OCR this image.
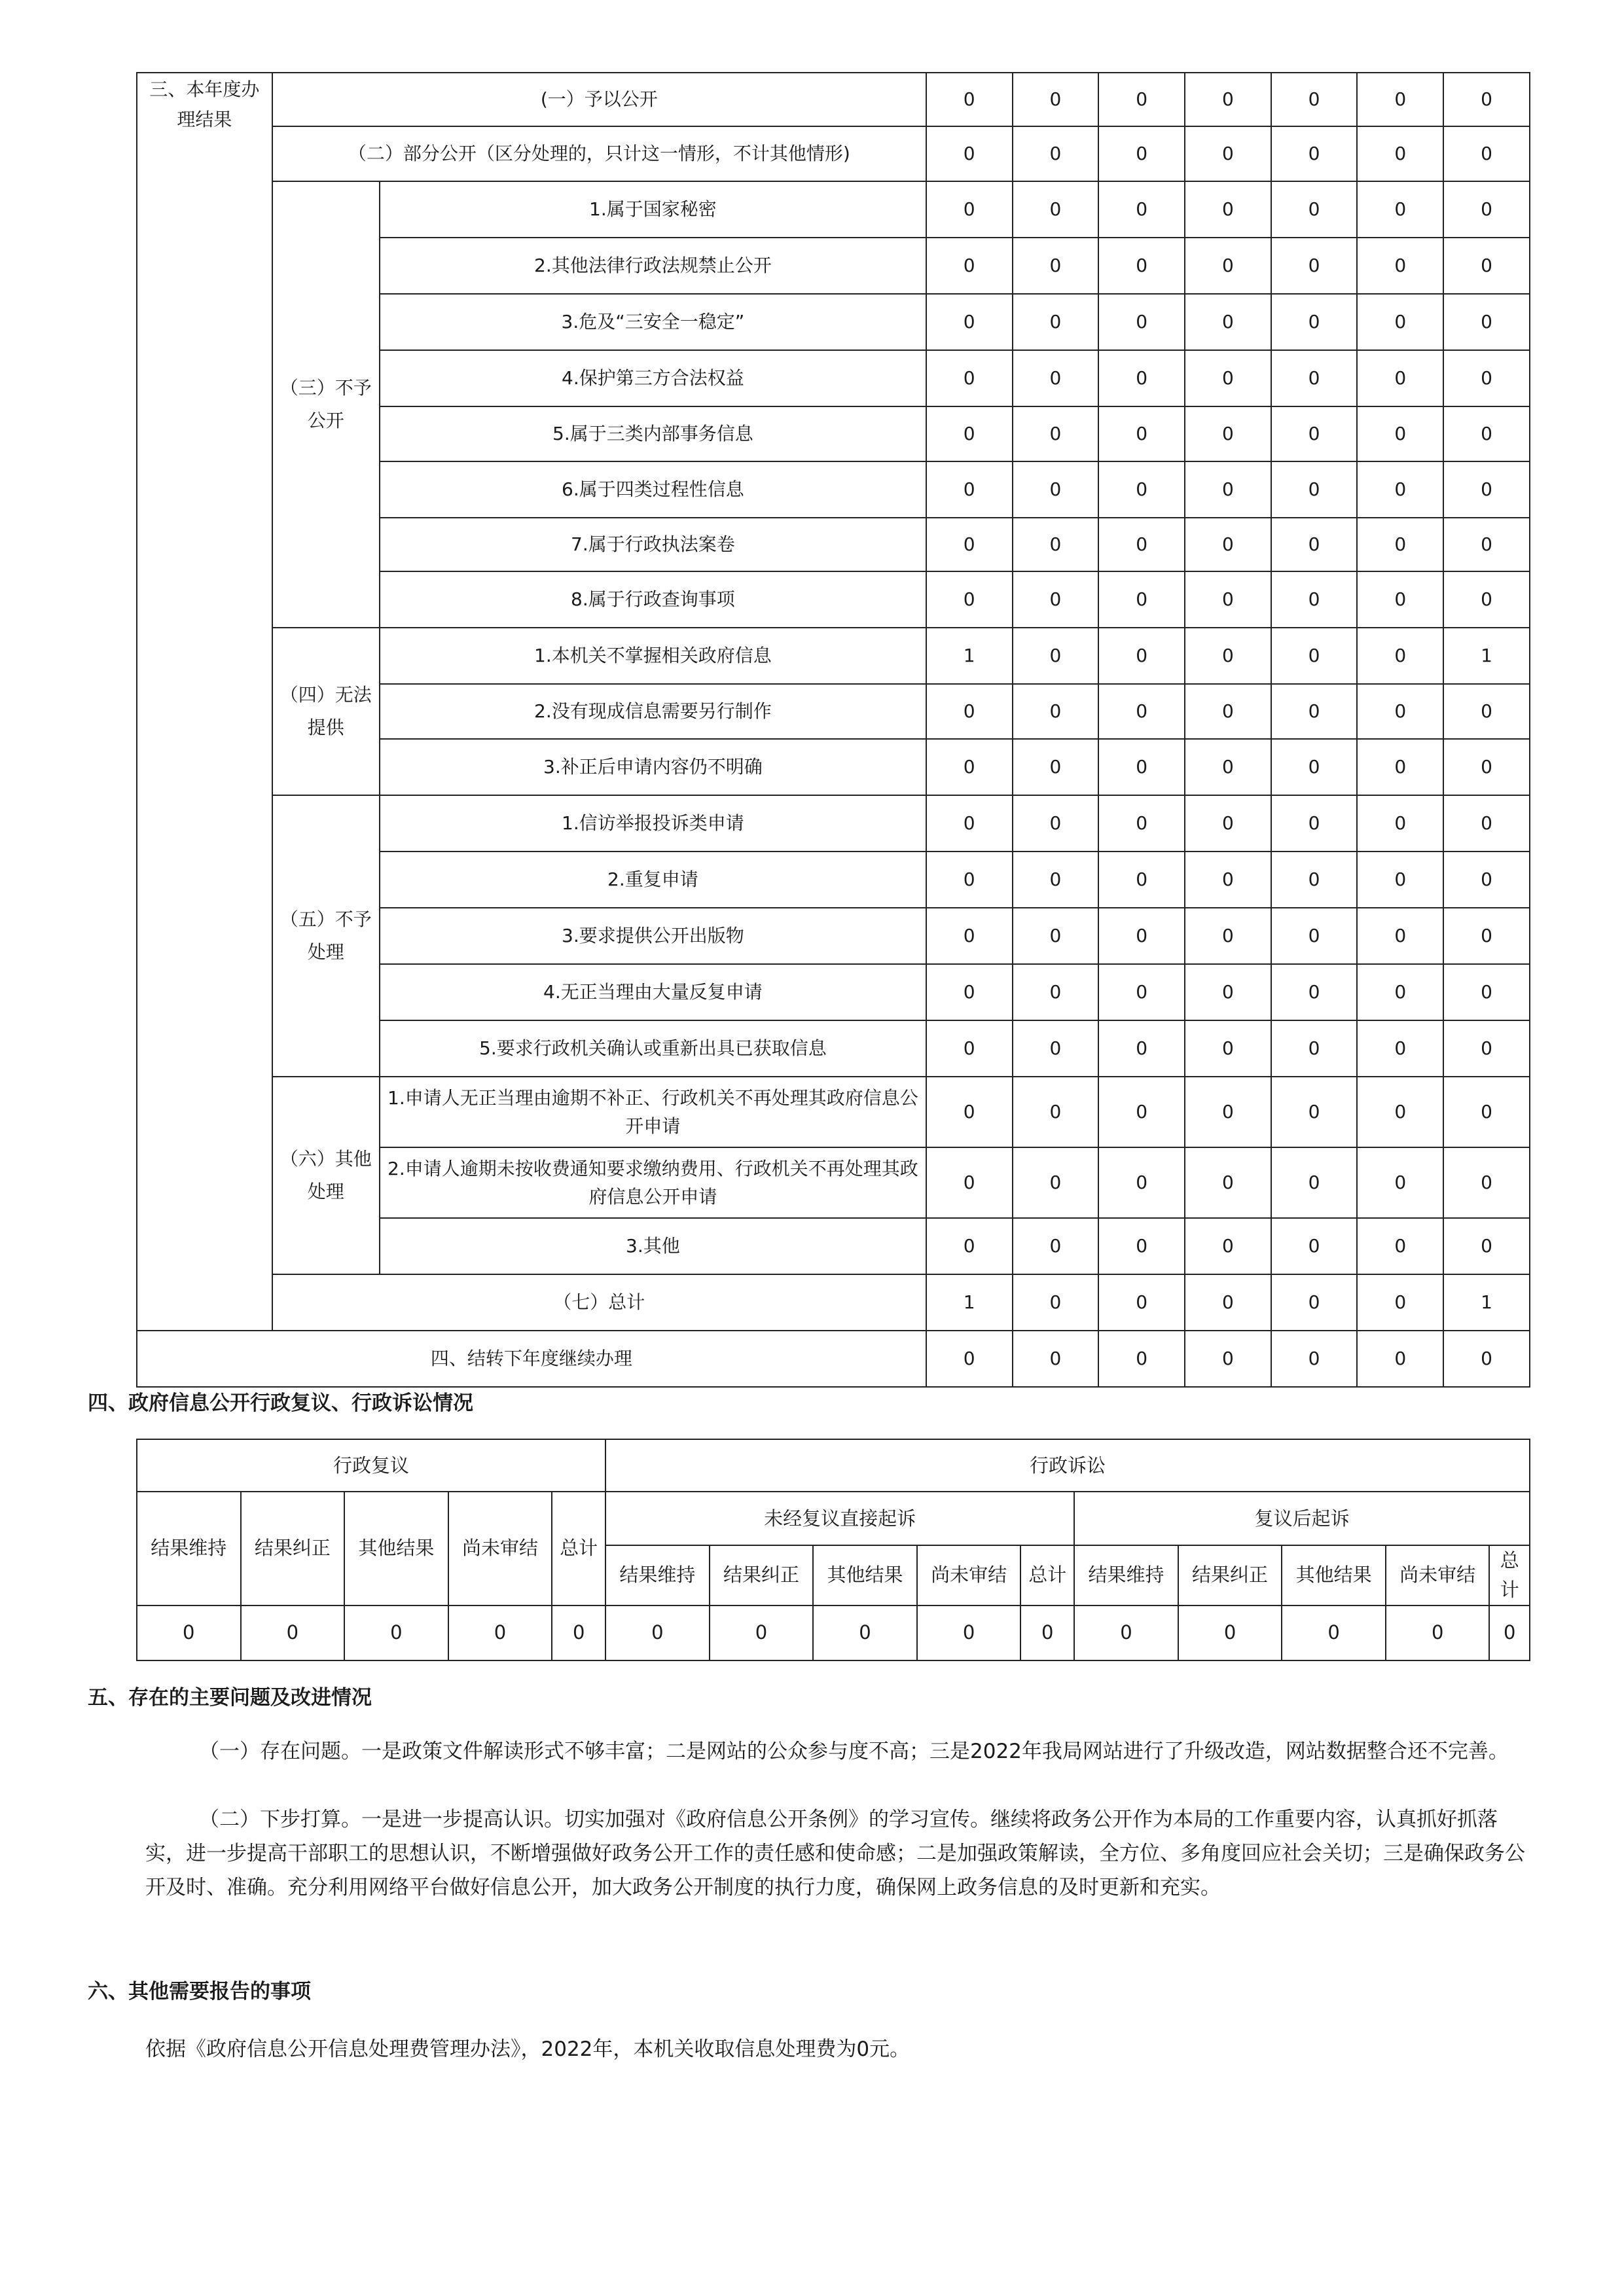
三、本年度办理结果	(一）予以公开		0	0	0	0	0	0	0
	（二）部分公开（区分处理的，只计这一情形，不计其他情形)		0	0	0	0	0	0	0
	（三）不予公开	1.属于国家秘密	0	0	0	0	0	0	0
		2.其他法律行政法规禁止公开	0	0	0	0	0	0	0
		3.危及“三安全一稳定”	0	0	0	0	0	0	0
		4.保护第三方合法权益	0	0	0	0	0	0	0
		5.属于三类内部事务信息	0	0	0	0	0	0	0
		6.属于四类过程性信息	0	0	0	0	0	0	0
		7.属于行政执法案卷	0	0	0	0	0	0	0
		8.属于行政查询事项	0	0	0	0	0	0	0
	（四）无法提供	1.本机关不掌握相关政府信息	1	0	0	0	0	0	1
		2.没有现成信息需要另行制作	0	0	0	0	0	0	0
		3.补正后申请内容仍不明确	0	0	0	0	0	0	0
	（五）不予处理	1.信访举报投诉类申请	0	0	0	0	0	0	0
		2.重复申请	0	0	0	0	0	0	0
		3.要求提供公开出版物	0	0	0	0	0	0	0
		4.无正当理由大量反复申请	0	0	0	0	0	0	0
		5.要求行政机关确认或重新出具已获取信息	0	0	0	0	0	0	0
	（六）其他处理	1.申请人无正当理由逾期不补正、行政机关不再处理其政府信息公开申请	0	0	0	0	0	0	0
		2.申请人逾期未按收费通知要求缴纳费用、行政机关不再处理其政府信息公开申请	0	0	0	0	0	0	0
		3.其他	0	0	0	0	0	0	0
	（七）总计		1	0	0	0	0	0	1
四、结转下年度继续办理			0	0	0	0	0	0	0
四、政府信息公开行政复议、行政诉讼情况
行政复议					行政诉讼									
结果维持	结果纠正	其他结果	尚未审结	总计	未经复议直接起诉					复议后起诉				
					结果维持	结果纠正	其他结果	尚未审结	总计	结果维持	结果纠正	其他结果	尚未审结	总计
0	0	0	0	0	0	0	0	0	0	0	0	0	0	0
五、存在的主要问题及改进情况
（一）存在问题。一是政策文件解读形式不够丰富；二是网站的公众参与度不高；三是2022年我局网站进行了升级改造，网站数据整合还不完善。
（二）下步打算。一是进一步提高认识。切实加强对《政府信息公开条例》的学习宣传。继续将政务公开作为本局的工作重要内容，认真抓好抓落实，进一步提高干部职工的思想认识，不断增强做好政务公开工作的责任感和使命感；二是加强政策解读，全方位、多角度回应社会关切；三是确保政务公开及时、准确。充分利用网络平台做好信息公开，加大政务公开制度的执行力度，确保网上政务信息的及时更新和充实。
六、其他需要报告的事项
依据《政府信息公开信息处理费管理办法》，2022年，本机关收取信息处理费为0元。
